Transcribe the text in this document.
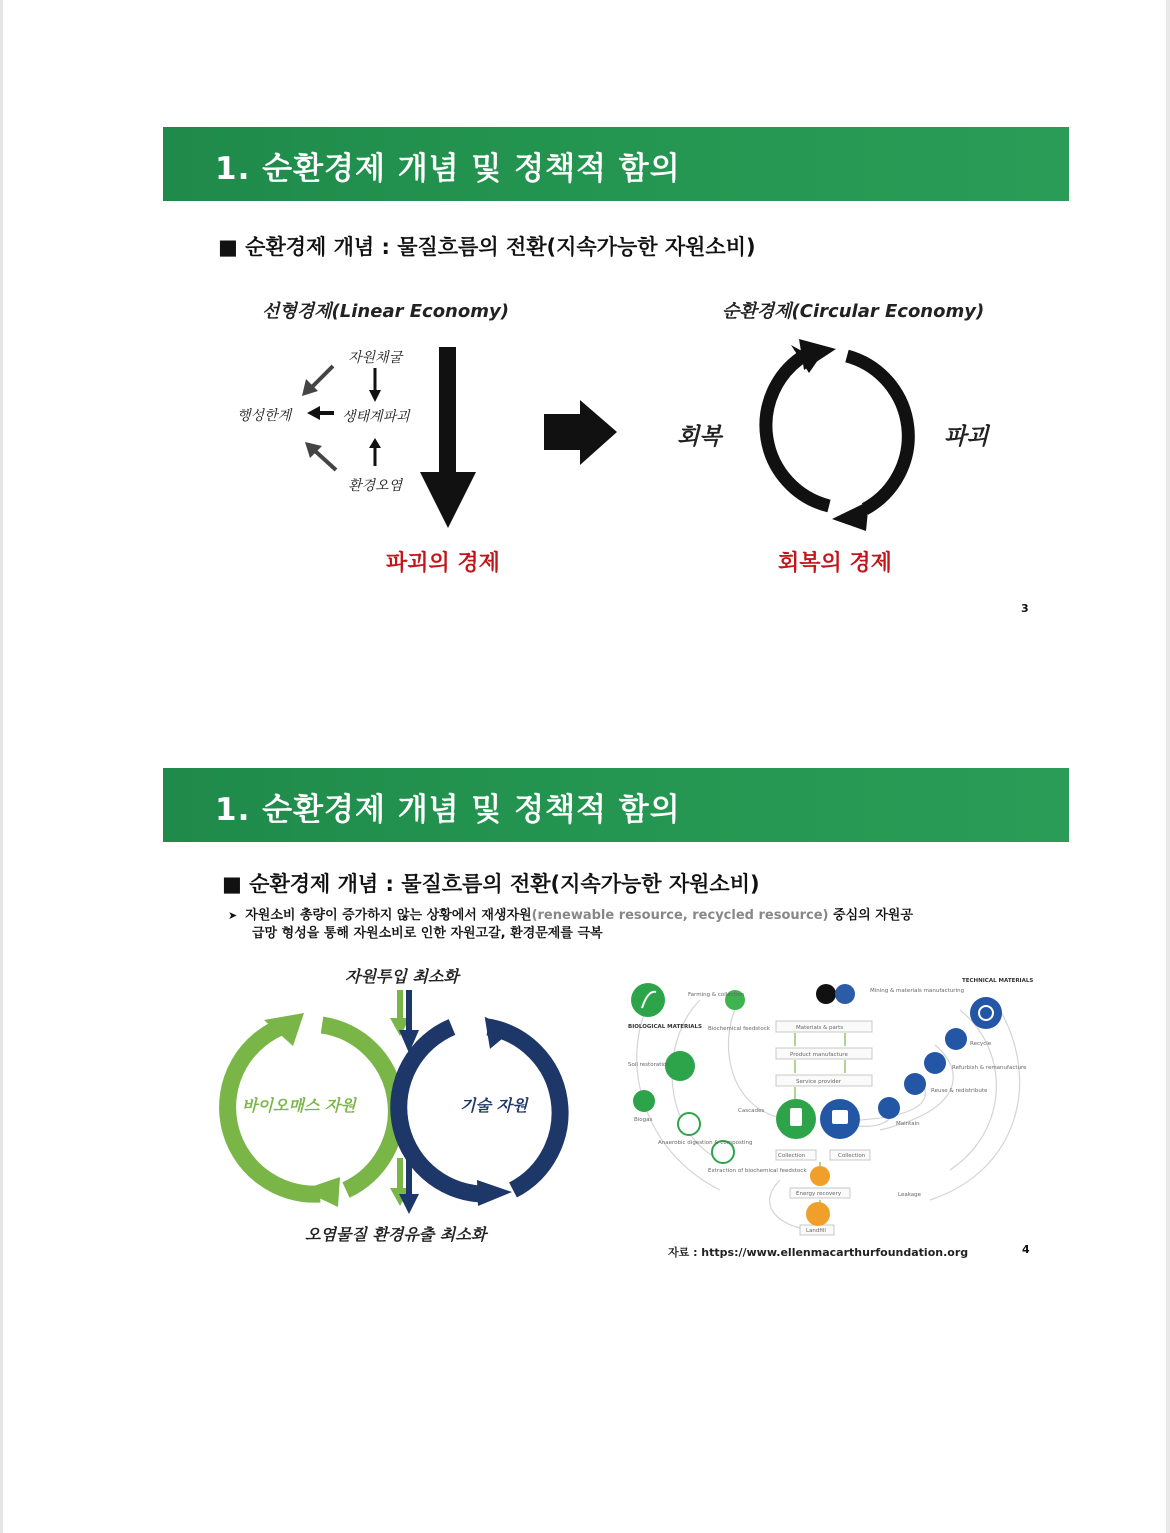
1. 순환경제 개념 및 정책적 함의
■ 순환경제 개념 : 물질흐름의 전환(지속가능한 자원소비)
선형경제(Linear Economy)	순환경제(Circular Economy)
자원채굴
생태계파괴
행성한계
환경오염
회복	파괴
파괴의 경제	회복의 경제
3
1. 순환경제 개념 및 정책적 함의
■ 순환경제 개념 : 물질흐름의 전환(지속가능한 자원소비)
➤ 자원소비 총량이 증가하지 않는 상황에서 재생자원(renewable resource, recycled resource) 중심의 자원공
급망 형성을 통해 자원소비로 인한 자원고갈, 환경문제를 극복
자원투입 최소화
오염물질 환경유출 최소화
바이오매스 자원	기술 자원
BIOLOGICAL MATERIALS
TECHNICAL MATERIALS
Farming & collection
Mining & materials manufacturing
Biochemical feedstock	Materials & parts
Product manufacture
Service provider
Soil restoration
Biogas
Anaerobic digestion & composting
Extraction of biochemical feedstock
Cascades
Collection	Collection
Energy recovery
Landfill
Leakage
Recycle
Refurbish & remanufacture
Reuse & redistribute
Maintain
자료 : https://www.ellenmacarthurfoundation.org	4
